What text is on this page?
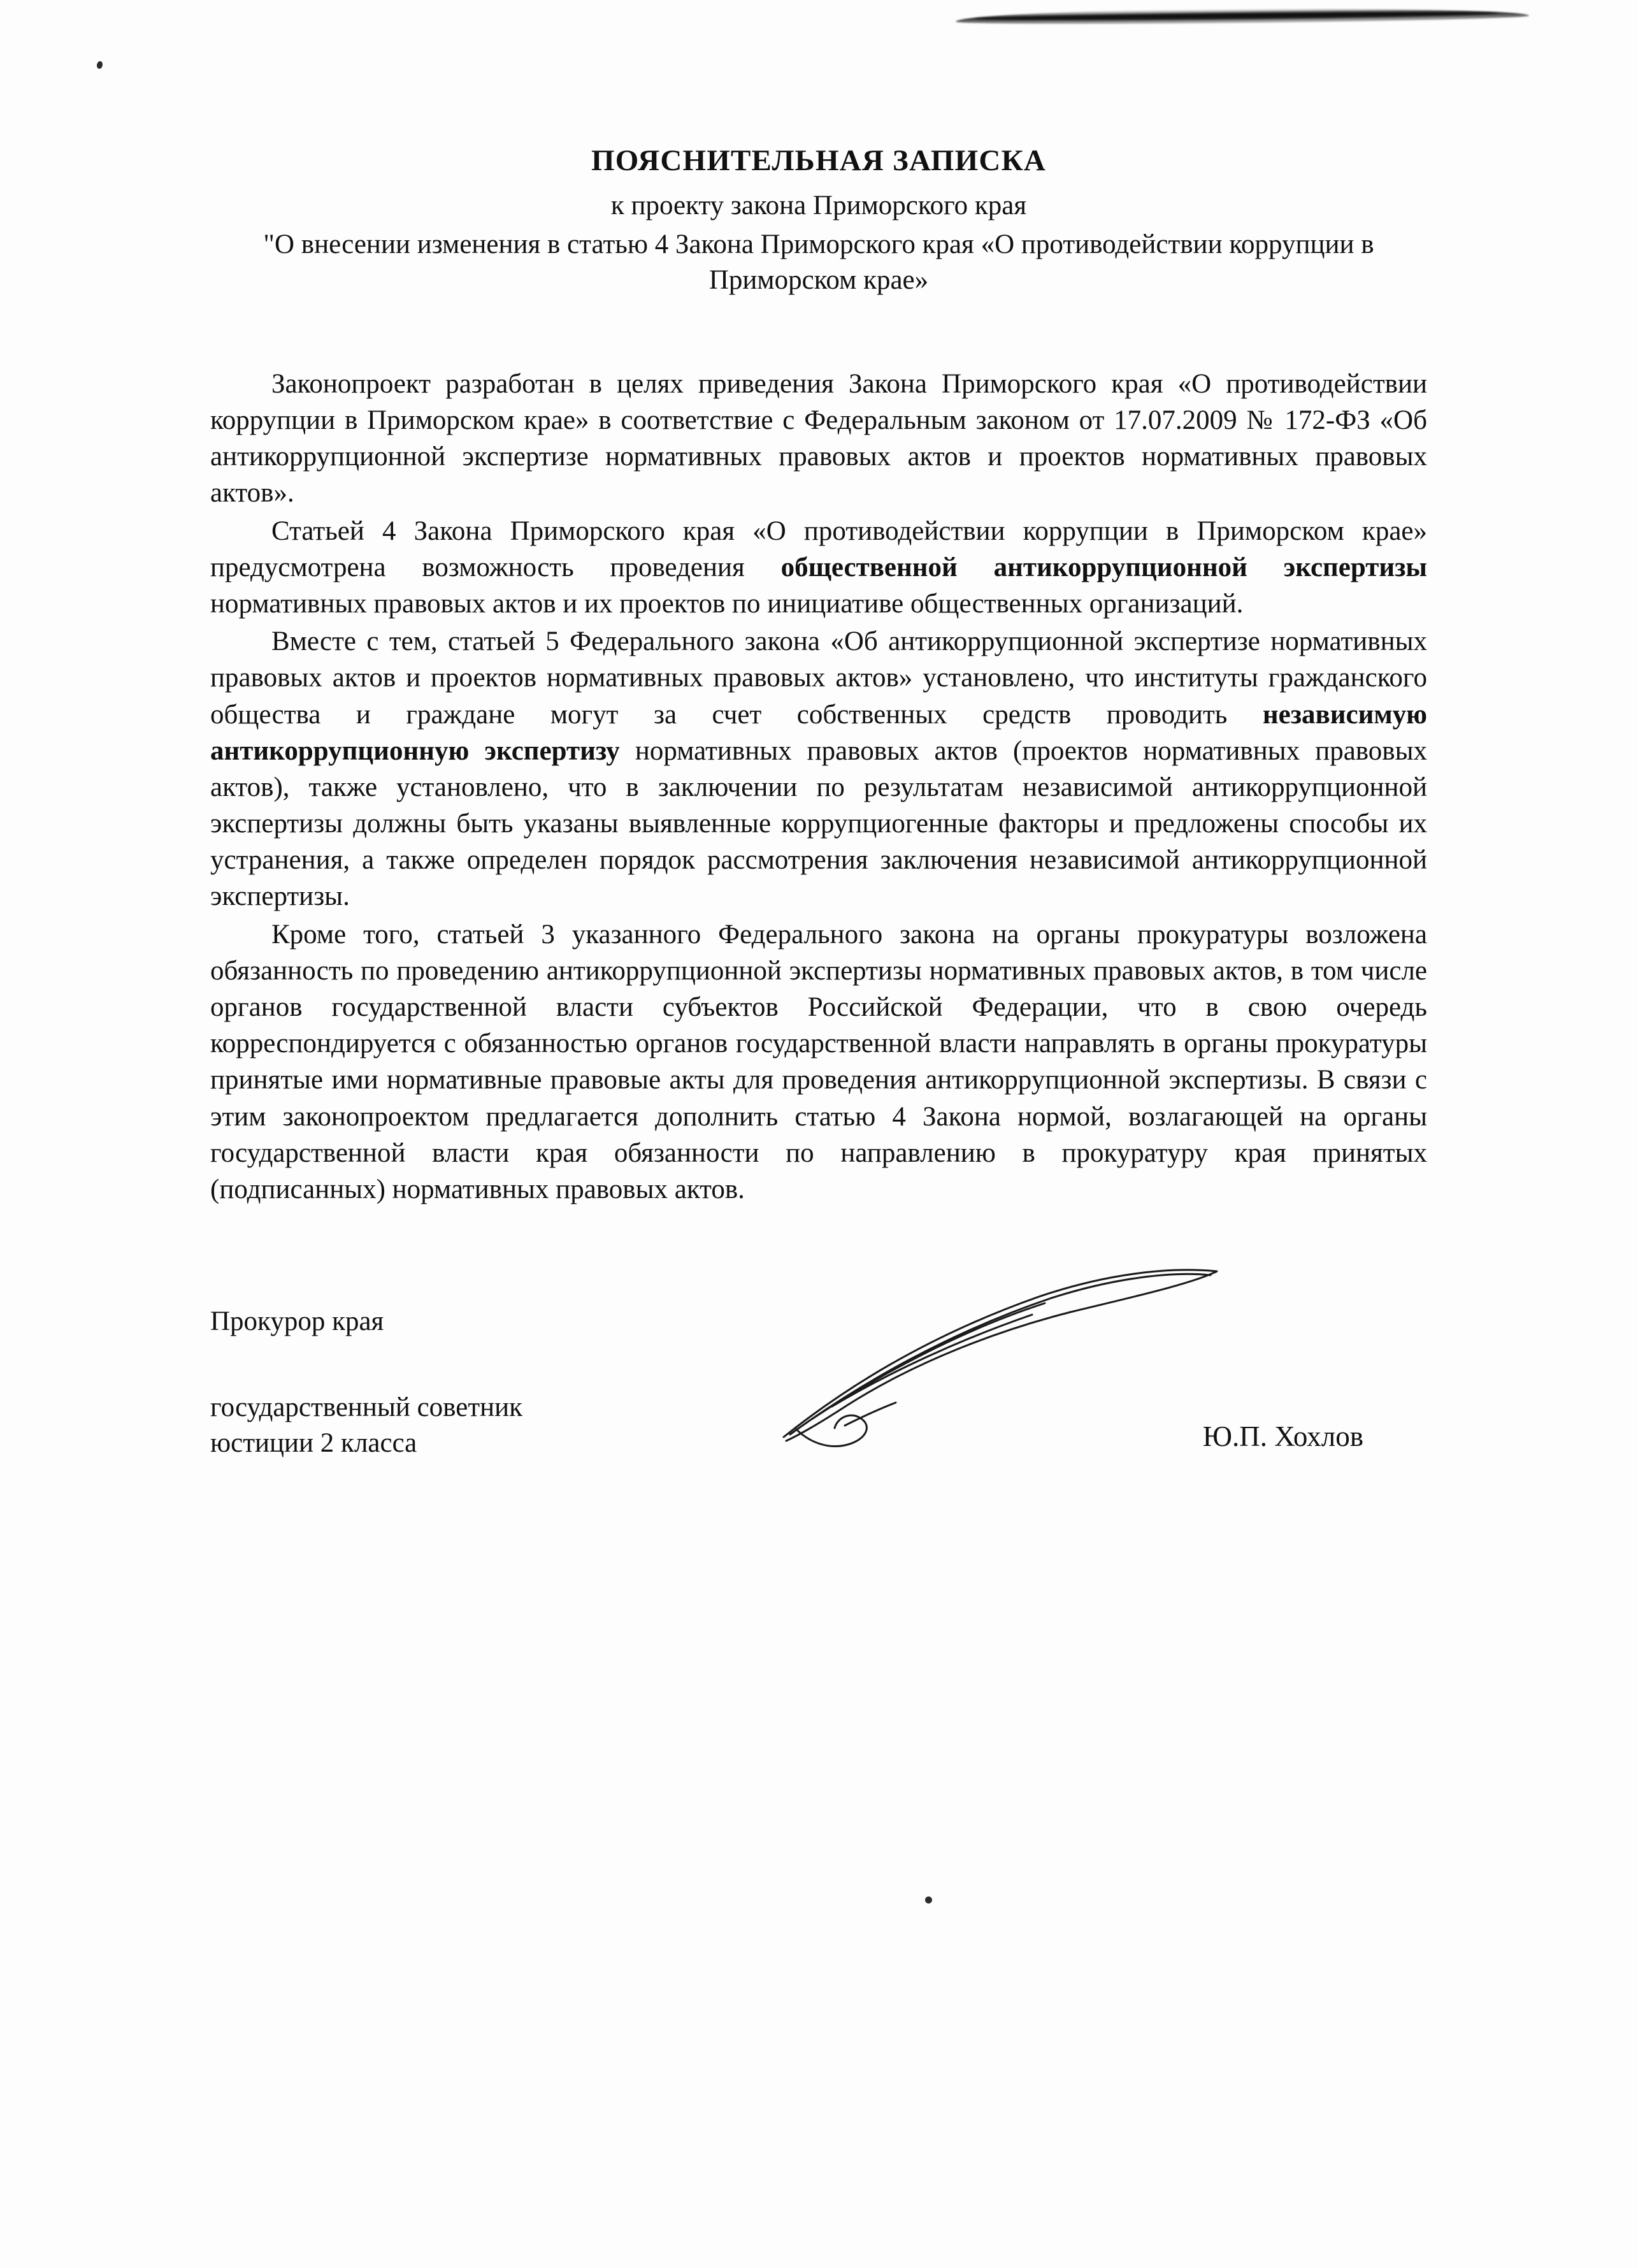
ПОЯСНИТЕЛЬНАЯ ЗАПИСКА

к проекту закона Приморского края

"О внесении изменения в статью 4 Закона Приморского края «О противодействии коррупции в Приморском крае»

Законопроект разработан в целях приведения Закона Приморского края «О противодействии коррупции в Приморском крае» в соответствие с Федеральным законом от 17.07.2009 № 172-ФЗ «Об антикоррупционной экспертизе нормативных правовых актов и проектов нормативных правовых актов».

Статьей 4 Закона Приморского края «О противодействии коррупции в Приморском крае» предусмотрена возможность проведения общественной антикоррупционной экспертизы нормативных правовых актов и их проектов по инициативе общественных организаций.

Вместе с тем, статьей 5 Федерального закона «Об антикоррупционной экспертизе нормативных правовых актов и проектов нормативных правовых актов» установлено, что институты гражданского общества и граждане могут за счет собственных средств проводить независимую антикоррупционную экспертизу нормативных правовых актов (проектов нормативных правовых актов), также установлено, что в заключении по результатам независимой антикоррупционной экспертизы должны быть указаны выявленные коррупциогенные факторы и предложены способы их устранения, а также определен порядок рассмотрения заключения независимой антикоррупционной экспертизы.

Кроме того, статьей 3 указанного Федерального закона на органы прокуратуры возложена обязанность по проведению антикоррупционной экспертизы нормативных правовых актов, в том числе органов государственной власти субъектов Российской Федерации, что в свою очередь корреспондируется с обязанностью органов государственной власти направлять в органы прокуратуры принятые ими нормативные правовые акты для проведения антикоррупционной экспертизы. В связи с этим законопроектом предлагается дополнить статью 4 Закона нормой, возлагающей на органы государственной власти края обязанности по направлению в прокуратуру края принятых (подписанных) нормативных правовых актов.

Прокурор края

государственный советник
юстиции 2 класса	Ю.П. Хохлов
